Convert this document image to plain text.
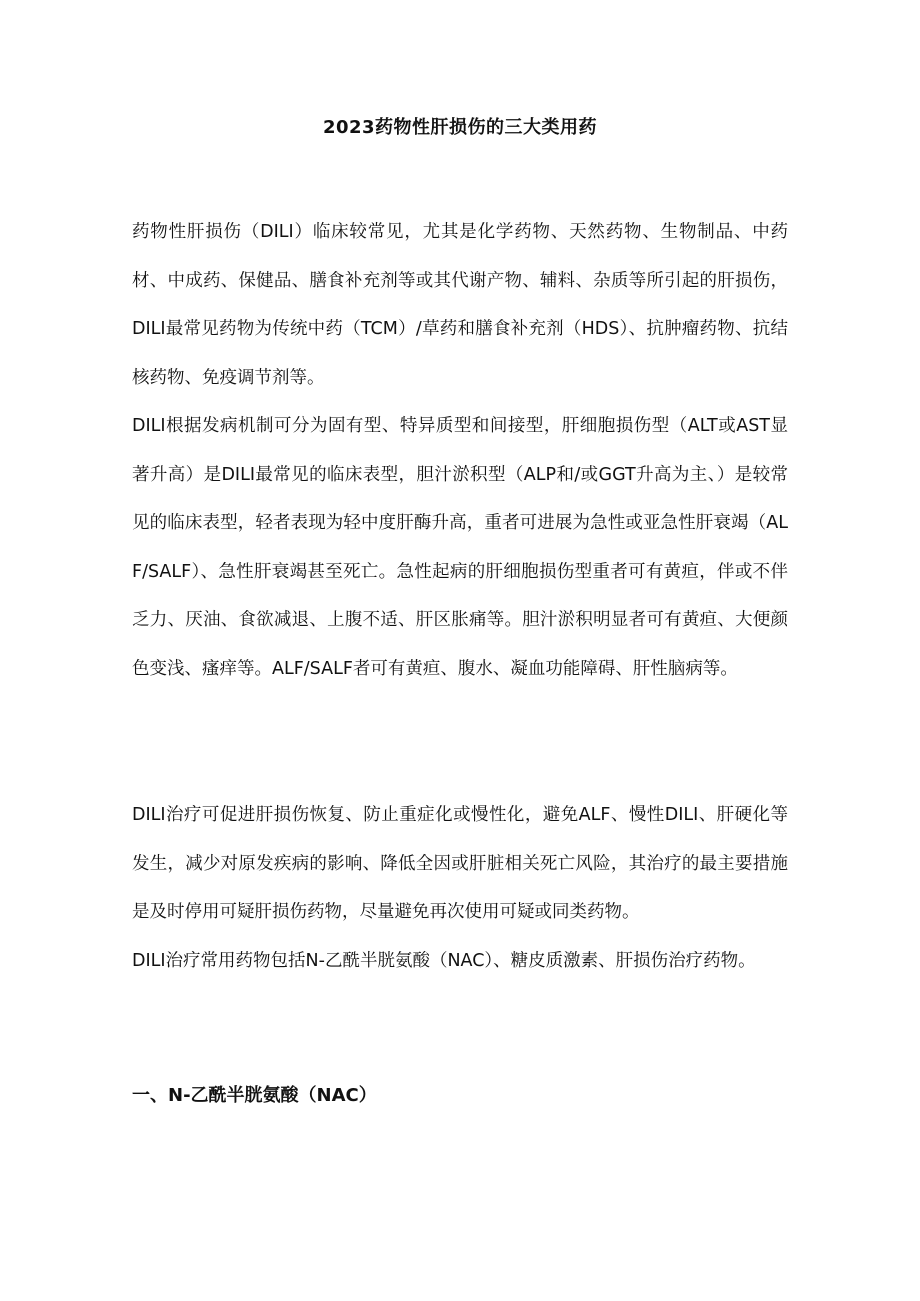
2023药物性肝损伤的三大类用药

药物性肝损伤（DILI）临床较常见，尤其是化学药物、天然药物、生物制品、中药材、中成药、保健品、膳食补充剂等或其代谢产物、辅料、杂质等所引起的肝损伤，DILI最常见药物为传统中药（TCM）/草药和膳食补充剂（HDS）、抗肿瘤药物、抗结核药物、免疫调节剂等。

DILI根据发病机制可分为固有型、特异质型和间接型，肝细胞损伤型（ALT或AST显著升高）是DILI最常见的临床表型，胆汁淤积型（ALP和/或GGT升高为主、）是较常见的临床表型，轻者表现为轻中度肝酶升高，重者可进展为急性或亚急性肝衰竭（ALF/SALF）、急性肝衰竭甚至死亡。急性起病的肝细胞损伤型重者可有黄疸，伴或不伴乏力、厌油、食欲减退、上腹不适、肝区胀痛等。胆汁淤积明显者可有黄疸、大便颜色变浅、瘙痒等。ALF/SALF者可有黄疸、腹水、凝血功能障碍、肝性脑病等。

DILI治疗可促进肝损伤恢复、防止重症化或慢性化，避免ALF、慢性DILI、肝硬化等发生，减少对原发疾病的影响、降低全因或肝脏相关死亡风险，其治疗的最主要措施是及时停用可疑肝损伤药物，尽量避免再次使用可疑或同类药物。

DILI治疗常用药物包括N-乙酰半胱氨酸（NAC）、糖皮质激素、肝损伤治疗药物。

一、N-乙酰半胱氨酸（NAC）
